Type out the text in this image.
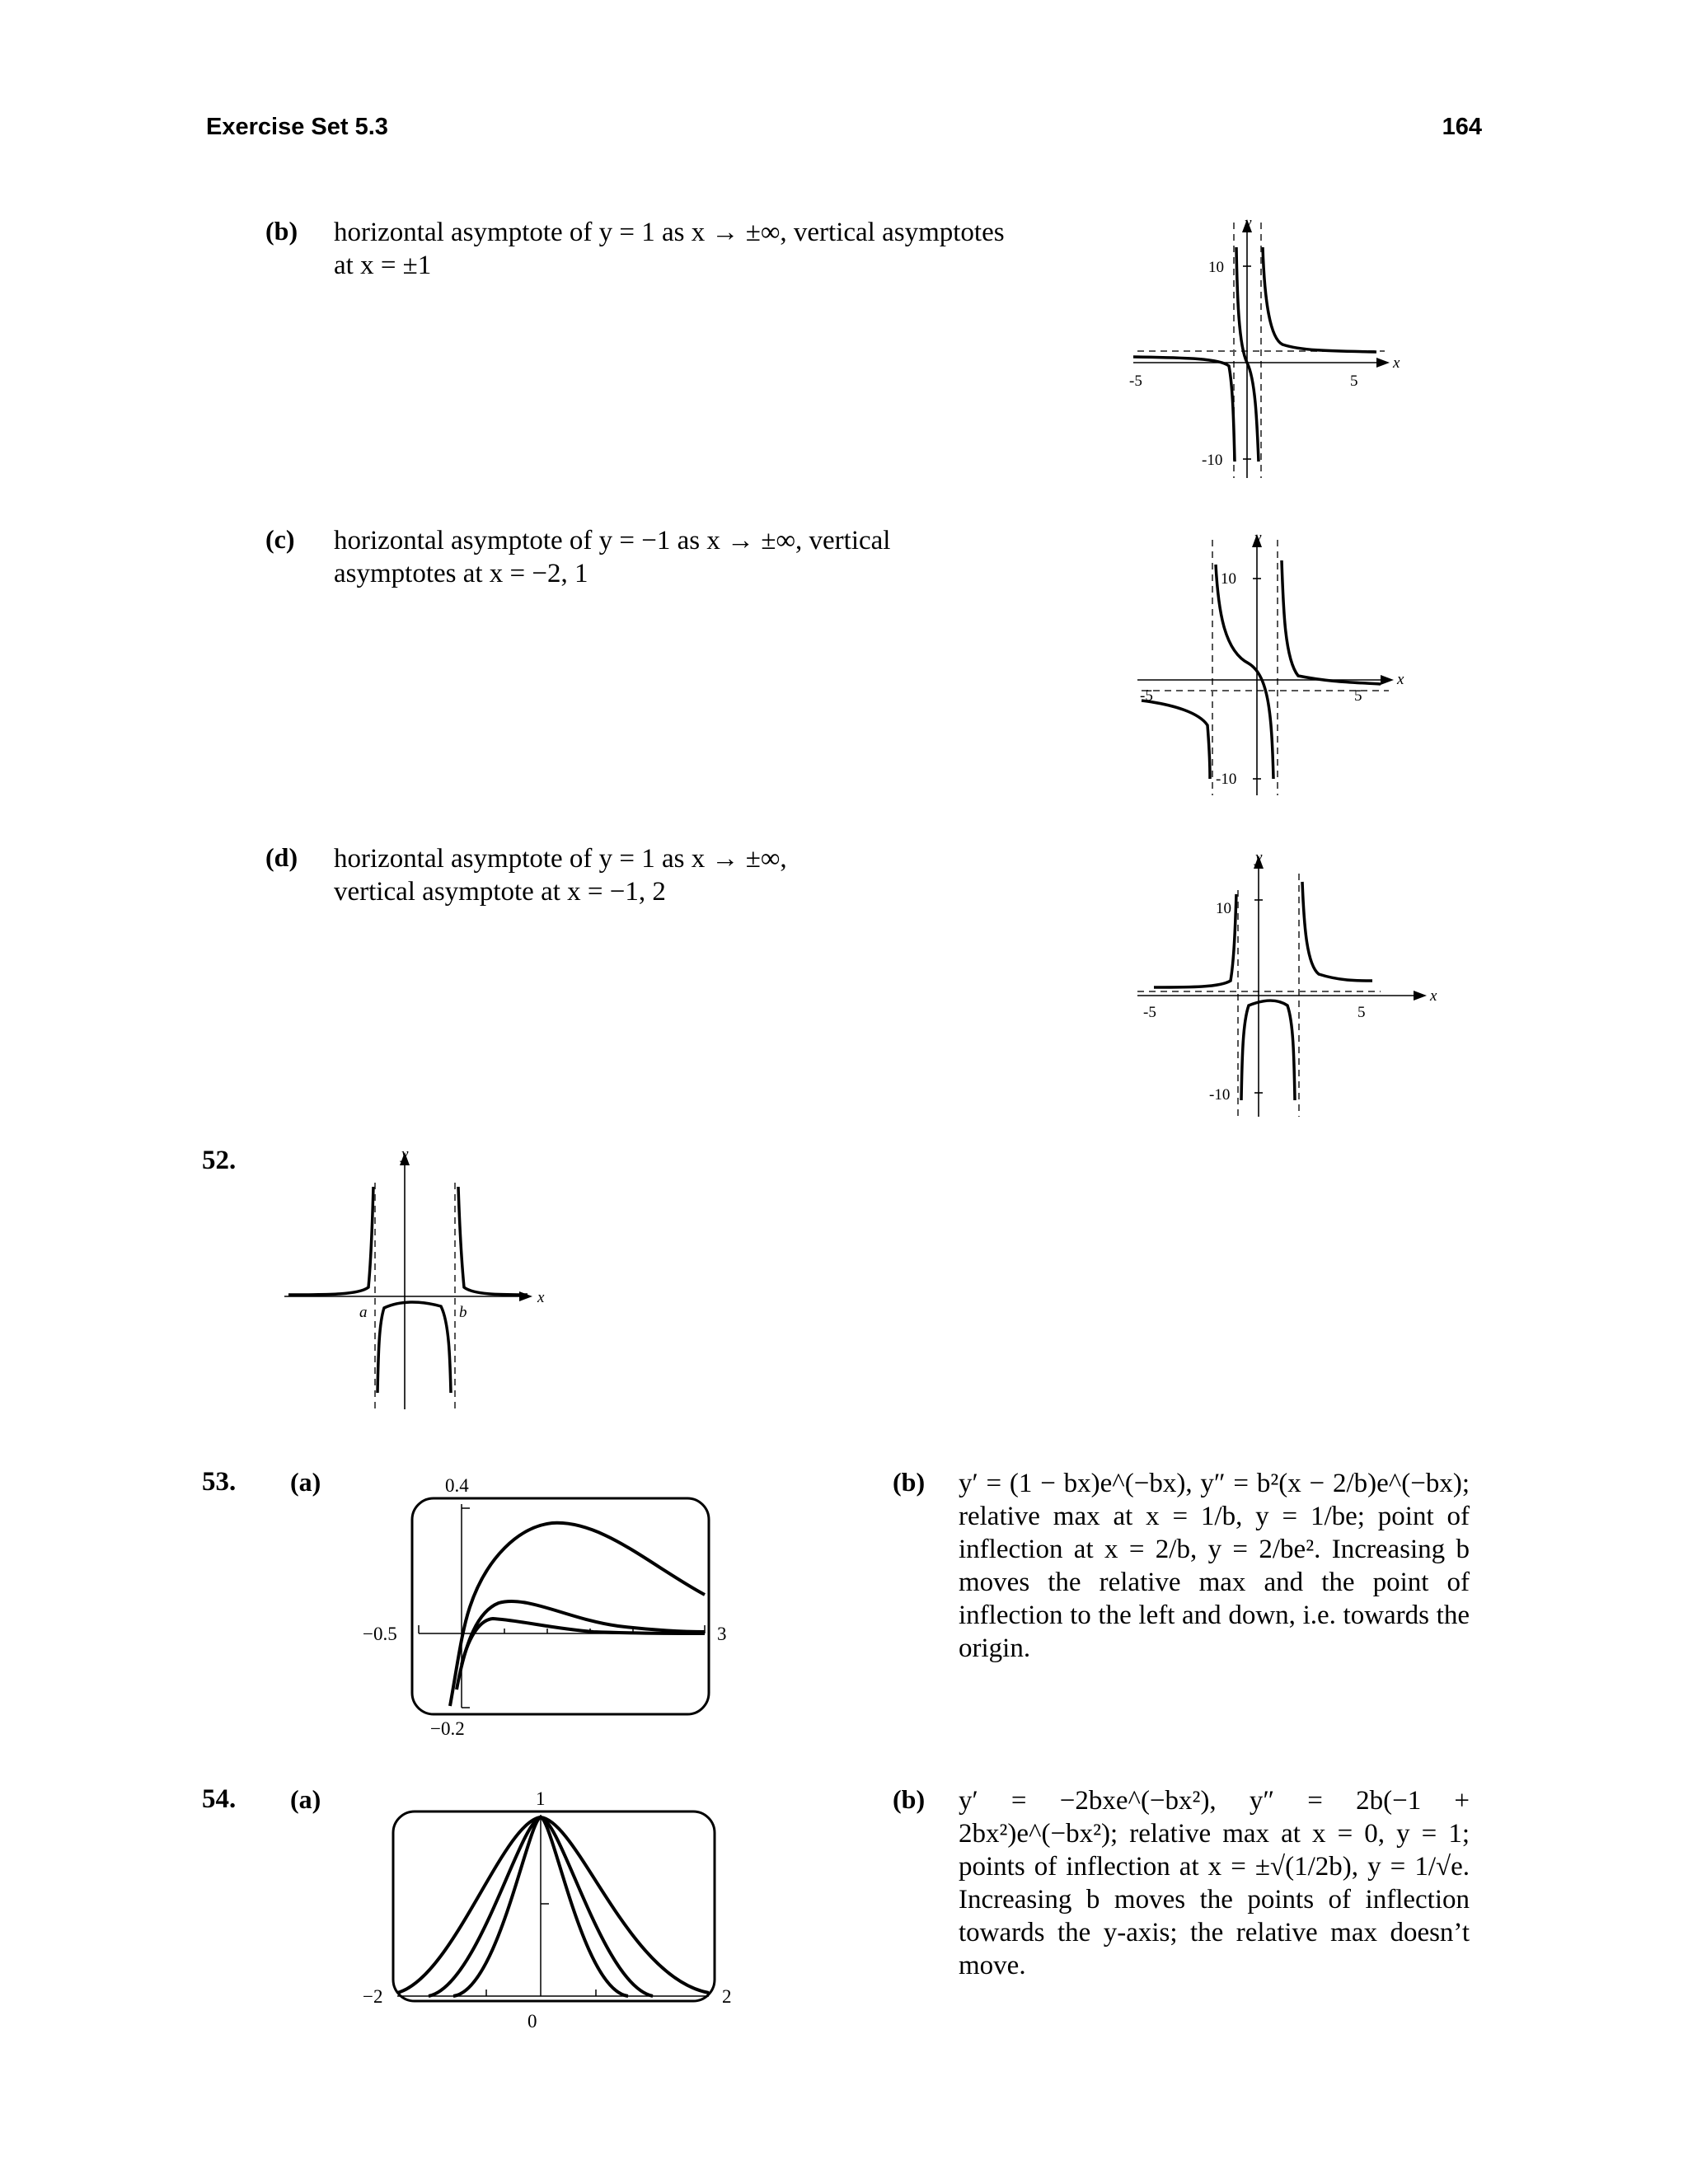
Exercise Set 5.3	164
(b) horizontal asymptote of y = 1 as x → ±∞, vertical asymptotes
at x = ±1	10
-10
-5	5
x
y
(c) horizontal asymptote of y = −1 as x → ±∞, vertical
asymptotes at x = −2, 1	10
-10
-5	5
x
y
(d) horizontal asymptote of y = 1 as x → ±∞,
vertical asymptote at x = −1, 2
10
-10
-5	5
x
y
52.
a	b
x
y
53. (a)	0.4
−0.2
−0.5	3
(b) y′ = (1 − bx)e^(−bx), y″ = b²(x − 2/b)e^(−bx); relative max at x = 1/b, y = 1/be; point of inflection at x = 2/b, y = 2/be². Increasing b moves the relative max and the point of inflection to the left and down, i.e. towards the origin.
54. (a)	1
−2
0
2
(b) y′ = −2bxe^(−bx²), y″ = 2b(−1 + 2bx²)e^(−bx²); relative max at x = 0, y = 1; points of inflection at x = ±√(1/2b), y = 1/√e. Increasing b moves the points of inflection towards the y-axis; the relative max doesn’t move.
